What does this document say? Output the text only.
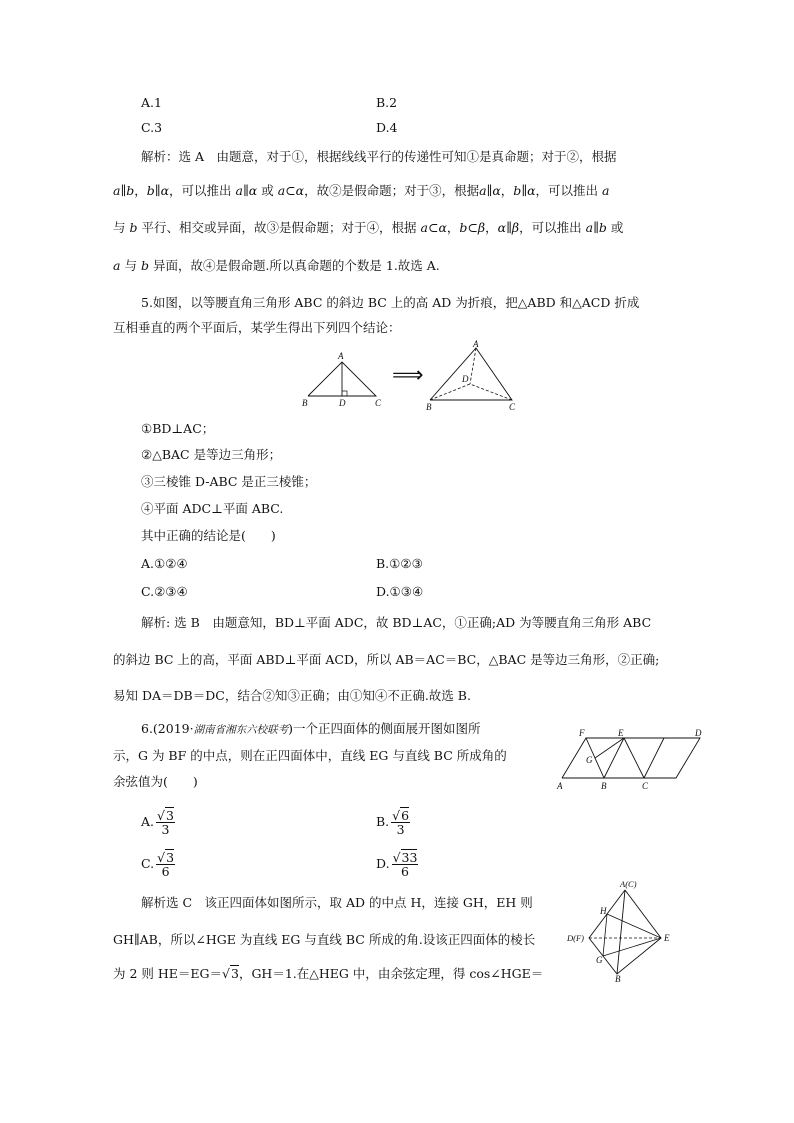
A.1	B.2
C.3	D.4
解析：选 A　 由题意，对于①，根据线线平行的传递性可知①是真命题；对于②，根据
a∥b，b∥α，可以推出 a∥α 或 a⊂α，故②是假命题；对于③，根据a∥α，b∥α，可以推出 a
与 b 平行、相交或异面，故③是假命题；对于④，根据 a⊂α，b⊂β，α∥β，可以推出 a∥b 或
a 与 b 异面，故④是假命题.所以真命题的个数是 1.故选 A.
5.如图，以等腰直角三角形 ABC 的斜边 BC 上的高 AD 为折痕，把△ABD 和△ACD 折成
互相垂直的两个平面后，某学生得出下列四个结论：
A
B	D	C
⟹
A
D
B	C
①BD⊥AC；
②△BAC 是等边三角形；
③三棱锥 D-ABC 是正三棱锥；
④平面 ADC⊥平面 ABC.
其中正确的结论是(　　)
A.①②④	B.①②③
C.②③④	D.①③④
解析: 选 B　由题意知，BD⊥平面 ADC，故 BD⊥AC，①正确;AD 为等腰直角三角形 ABC
的斜边 BC 上的高，平面 ABD⊥平面 ACD，所以 AB＝AC＝BC，△BAC 是等边三角形，②正确;
易知 DA＝DB＝DC，结合②知③正确；由①知④不正确.故选 B.
6.(2019·湖南省湘东六校联考)一个正四面体的侧面展开图如图所
示，G 为 BF 的中点，则在正四面体中，直线 EG 与直线 BC 所成角的
余弦值为(　　)
F	E	D
G
A	B	C
A. $\frac{√3}{3}$	B. $\frac{√6}{3}$
C. $\frac{√3}{6}$	D. $\frac{√33}{6}$
解析选 C　该正四面体如图所示，取 AD 的中点 H，连接 GH，EH 则
GH∥AB，所以∠HGE 为直线 EG 与直线 BC 所成的角.设该正四面体的棱长
为 2 则 HE＝EG＝√3，GH＝1.在△HEG 中，由余弦定理，得 cos∠HGE＝
A(C)
H
D(F)	E
G
B
